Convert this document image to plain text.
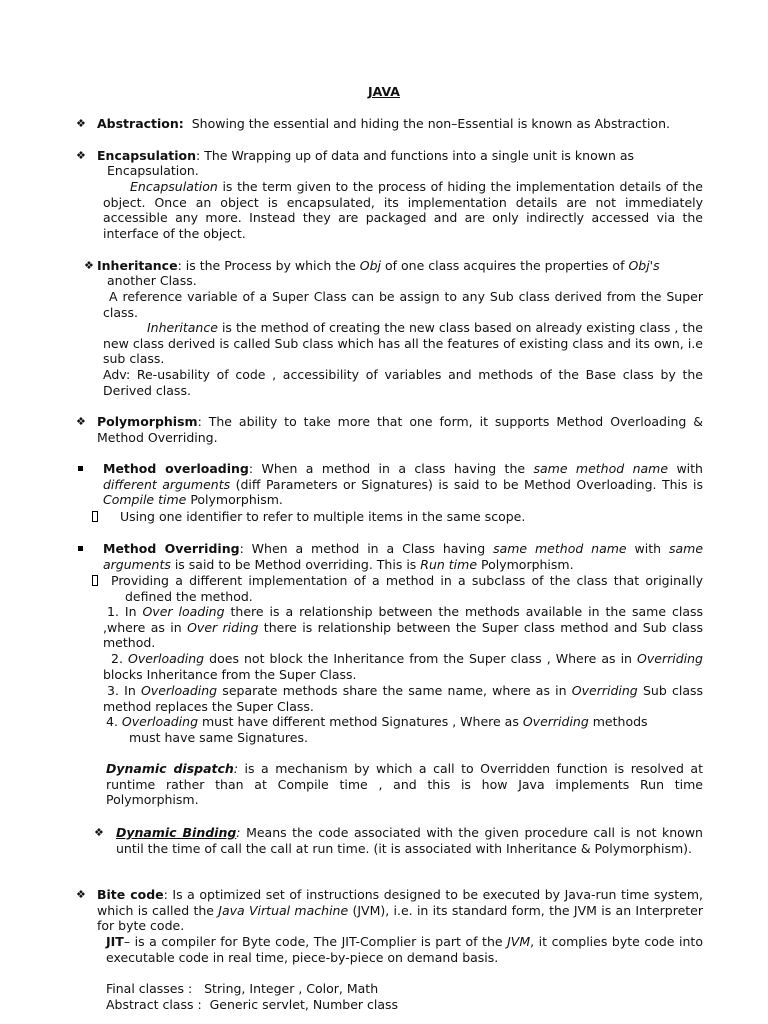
JAVA
❖ Abstraction: Showing the essential and hiding the non–Essential is known as Abstraction.
❖ Encapsulation: The Wrapping up of data and functions into a single unit is known as
Encapsulation.
Encapsulation is the term given to the process of hiding the implementation details of the object. Once an object is encapsulated, its implementation details are not immediately accessible any more. Instead they are packaged and are only indirectly accessed via the interface of the object.
❖ Inheritance: is the Process by which the Obj of one class acquires the properties of Obj's
another Class.
A reference variable of a Super Class can be assign to any Sub class derived from the Super class.
Inheritance is the method of creating the new class based on already existing class , the new class derived is called Sub class which has all the features of existing class and its own, i.e sub class.
Adv: Re-usability of code , accessibility of variables and methods of the Base class by the Derived class.
❖ Polymorphism: The ability to take more that one form, it supports Method Overloading & Method Overriding.
Method overloading: When a method in a class having the same method name with different arguments (diff Parameters or Signatures) is said to be Method Overloading. This is Compile time Polymorphism.
Using one identifier to refer to multiple items in the same scope.
Method Overriding: When a method in a Class having same method name with same arguments is said to be Method overriding. This is Run time Polymorphism.
Providing a different implementation of a method in a subclass of the class that originally defined the method.
1. In Over loading there is a relationship between the methods available in the same class ,where as in Over riding there is relationship between the Super class method and Sub class method.
2. Overloading does not block the Inheritance from the Super class , Where as in Overriding blocks Inheritance from the Super Class.
3. In Overloading separate methods share the same name, where as in Overriding Sub class method replaces the Super Class.
4. Overloading must have different method Signatures , Where as Overriding methods
must have same Signatures.
Dynamic dispatch: is a mechanism by which a call to Overridden function is resolved at runtime rather than at Compile time , and this is how Java implements Run time Polymorphism.
❖ Dynamic Binding: Means the code associated with the given procedure call is not known until the time of call the call at run time. (it is associated with Inheritance & Polymorphism).
❖ Bite code: Is a optimized set of instructions designed to be executed by Java-run time system, which is called the Java Virtual machine (JVM), i.e. in its standard form, the JVM is an Interpreter for byte code.
JIT– is a compiler for Byte code, The JIT-Complier is part of the JVM, it complies byte code into executable code in real time, piece-by-piece on demand basis.
Final classes : String, Integer , Color, Math
Abstract class : Generic servlet, Number class
